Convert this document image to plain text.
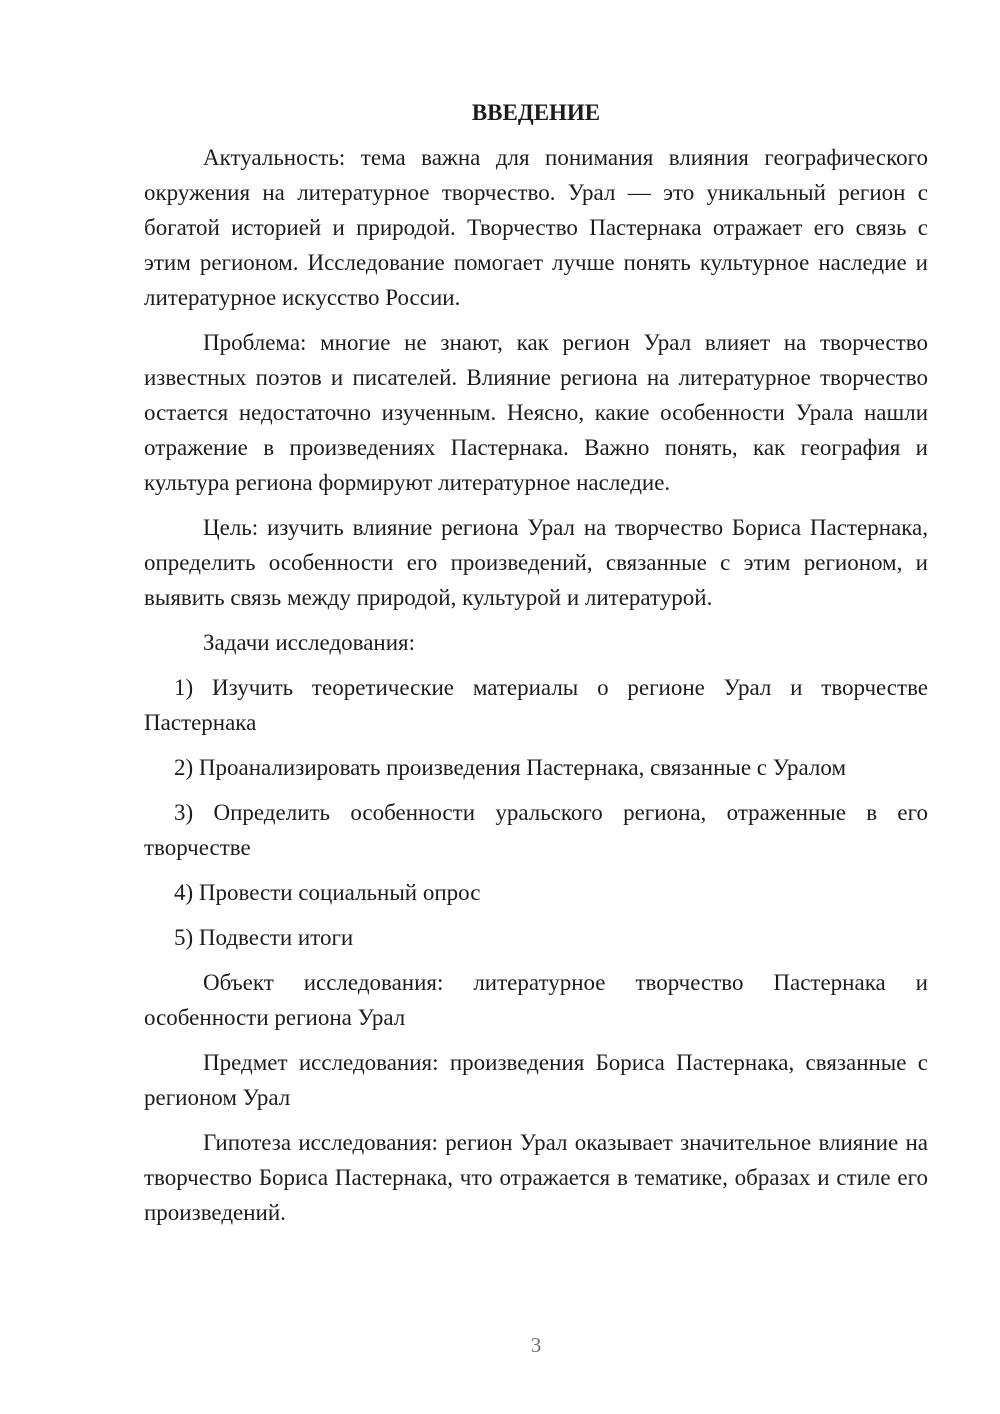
ВВЕДЕНИЕ

Актуальность: тема важна для понимания влияния географического окружения на литературное творчество. Урал — это уникальный регион с богатой историей и природой. Творчество Пастернака отражает его связь с этим регионом. Исследование помогает лучше понять культурное наследие и литературное искусство России.

Проблема: многие не знают, как регион Урал влияет на творчество известных поэтов и писателей. Влияние региона на литературное творчество остается недостаточно изученным. Неясно, какие особенности Урала нашли отражение в произведениях Пастернака. Важно понять, как география и культура региона формируют литературное наследие.

Цель: изучить влияние региона Урал на творчество Бориса Пастернака, определить особенности его произведений, связанные с этим регионом, и выявить связь между природой, культурой и литературой.

Задачи исследования:

1) Изучить теоретические материалы о регионе Урал и творчестве Пастернака

2) Проанализировать произведения Пастернака, связанные с Уралом

3) Определить особенности уральского региона, отраженные в его творчестве

4) Провести социальный опрос

5) Подвести итоги

Объект исследования: литературное творчество Пастернака и особенности региона Урал

Предмет исследования: произведения Бориса Пастернака, связанные с регионом Урал

Гипотеза исследования: регион Урал оказывает значительное влияние на творчество Бориса Пастернака, что отражается в тематике, образах и стиле его произведений.

3
